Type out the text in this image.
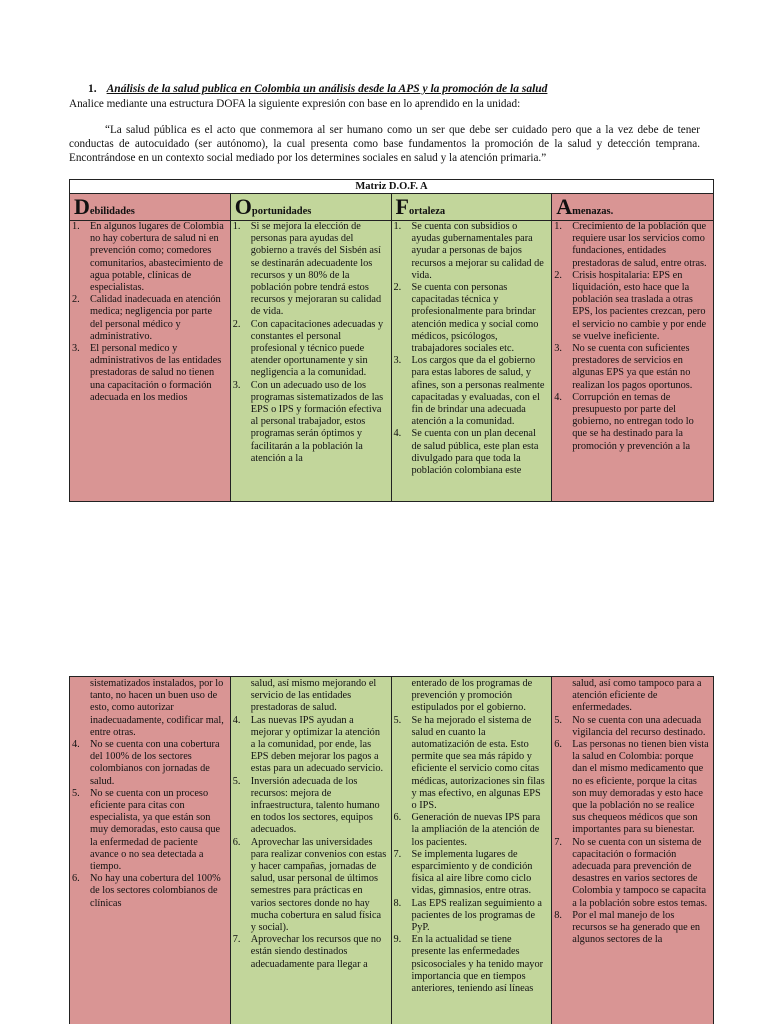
1. Análisis de la salud publica en Colombia un análisis desde la APS y la promoción de la salud
Analice mediante una estructura DOFA la siguiente expresión con base en lo aprendido en la unidad:
“La salud pública es el acto que conmemora al ser humano como un ser que debe ser cuidado pero que a la vez debe de tener conductas de autocuidado (ser autónomo), la cual presenta como base fundamentos la promoción de la salud y detección temprana. Encontrándose en un contexto social mediado por los determines sociales en salud y la atención primaria.”
Matriz D.O.F. A
Debilidades
1. En algunos lugares de Colombia no hay cobertura de salud ni en prevención como; comedores comunitarios, abastecimiento de agua potable, clínicas de especialistas.
2. Calidad inadecuada en atención medica; negligencia por parte del personal médico y administrativo.
3. El personal medico y administrativos de las entidades prestadoras de salud no tienen una capacitación o formación adecuada en los medios
Oportunidades
1. Si se mejora la elección de personas para ayudas del gobierno a través del Sisbén así se destinarán adecuadente los recursos y un 80% de la población pobre tendrá estos recursos y mejoraran su calidad de vida.
2. Con capacitaciones adecuadas y constantes el personal profesional y técnico puede atender oportunamente y sin negligencia a la comunidad.
3. Con un adecuado uso de los programas sistematizados de las EPS o IPS y formación efectiva al personal trabajador, estos programas serán óptimos y facilitarán a la población la atención a la
Fortaleza
1. Se cuenta con subsidios o ayudas gubernamentales para ayudar a personas de bajos recursos a mejorar su calidad de vida.
2. Se cuenta con personas capacitadas técnica y profesionalmente para brindar atención medica y social como médicos, psicólogos, trabajadores sociales etc.
3. Los cargos que da el gobierno para estas labores de salud, y afines, son a personas realmente capacitadas y evaluadas, con el fin de brindar una adecuada atención a la comunidad.
4. Se cuenta con un plan decenal de salud pública, este plan esta divulgado para que toda la población colombiana este
Amenazas.
1. Crecimiento de la población que requiere usar los servicios como fundaciones, entidades prestadoras de salud, entre otras.
2. Crisis hospitalaria: EPS en liquidación, esto hace que la población sea traslada a otras EPS, los pacientes crezcan, pero el servicio no cambie y por ende se vuelve ineficiente.
3. No se cuenta con suficientes prestadores de servicios en algunas EPS ya que están no realizan los pagos oportunos.
4. Corrupción en temas de presupuesto por parte del gobierno, no entregan todo lo que se ha destinado para la promoción y prevención a la
sistematizados instalados, por lo tanto, no hacen un buen uso de esto, como autorizar inadecuadamente, codificar mal, entre otras.
4. No se cuenta con una cobertura del 100% de los sectores colombianos con jornadas de salud.
5. No se cuenta con un proceso eficiente para citas con especialista, ya que están son muy demoradas, esto causa que la enfermedad de paciente avance o no sea detectada a tiempo.
6. No hay una cobertura del 100% de los sectores colombianos de clínicas
salud, así mismo mejorando el servicio de las entidades prestadoras de salud.
4. Las nuevas IPS ayudan a mejorar y optimizar la atención a la comunidad, por ende, las EPS deben mejorar los pagos a estas para un adecuado servicio.
5. Inversión adecuada de los recursos: mejora de infraestructura, talento humano en todos los sectores, equipos adecuados.
6. Aprovechar las universidades para realizar convenios con estas y hacer campañas, jornadas de salud, usar personal de últimos semestres para prácticas en varios sectores donde no hay mucha cobertura en salud física y social).
7. Aprovechar los recursos que no están siendo destinados adecuadamente para llegar a
enterado de los programas de prevención y promoción estipulados por el gobierno.
5. Se ha mejorado el sistema de salud en cuanto la automatización de esta. Esto permite que sea más rápido y eficiente el servicio como citas médicas, autorizaciones sin filas y mas efectivo, en algunas EPS o IPS.
6. Generación de nuevas IPS para la ampliación de la atención de los pacientes.
7. Se implementa lugares de esparcimiento y de condición física al aire libre como ciclo vidas, gimnasios, entre otras.
8. Las EPS realizan seguimiento a pacientes de los programas de PyP.
9. En la actualidad se tiene presente las enfermedades psicosociales y ha tenido mayor importancia que en tiempos anteriores, teniendo así líneas
salud, así como tampoco para a atención eficiente de enfermedades.
5. No se cuenta con una adecuada vigilancia del recurso destinado.
6. Las personas no tienen bien vista la salud en Colombia: porque dan el mismo medicamento que no es eficiente, porque la citas son muy demoradas y esto hace que la población no se realice sus chequeos médicos que son importantes para su bienestar.
7. No se cuenta con un sistema de capacitación o formación adecuada para prevención de desastres en varios sectores de Colombia y tampoco se capacita a la población sobre estos temas.
8. Por el mal manejo de los recursos se ha generado que en algunos sectores de la
